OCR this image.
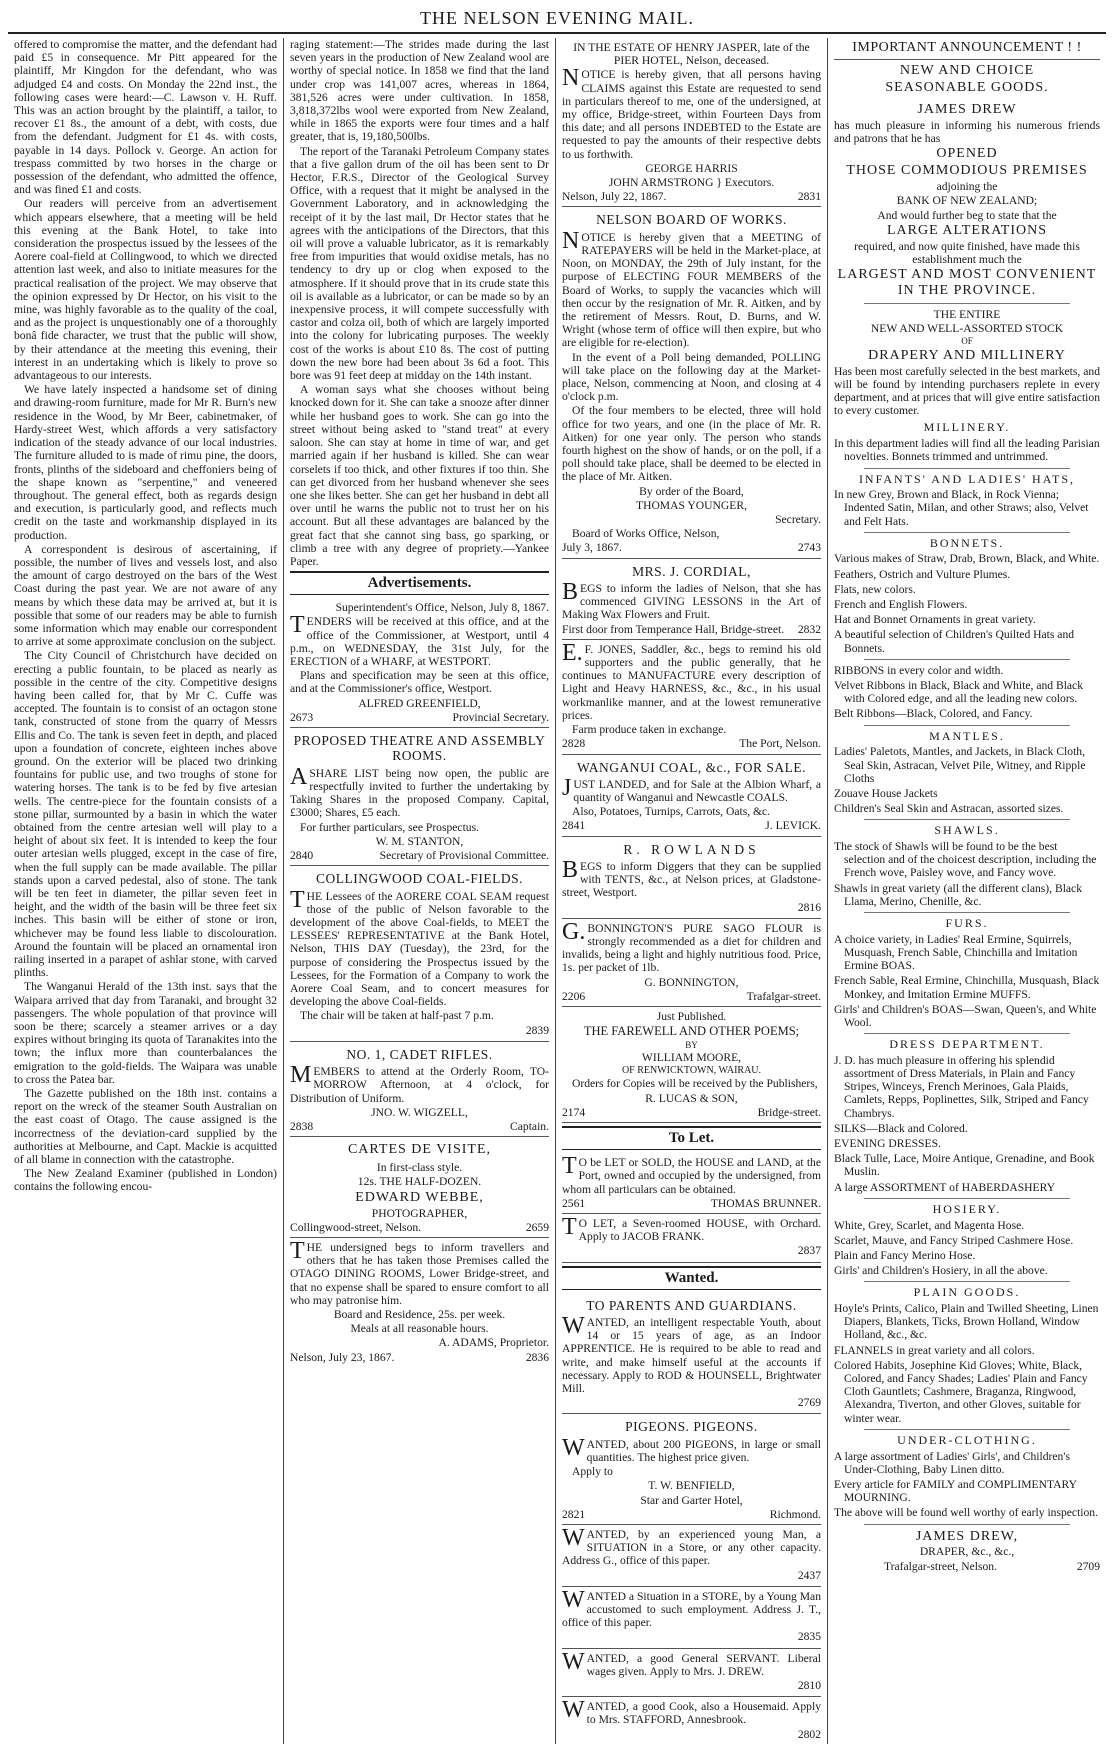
THE NELSON EVENING MAIL.

offered to compromise the matter, and the defendant had paid £5 in consequence. Mr Pitt appeared for the plaintiff, Mr Kingdon for the defendant, who was adjudged £4 and costs. On Monday the 22nd inst., the following cases were heard:—C. Lawson v. H. Ruff. This was an action brought by the plaintiff, a tailor, to recover £1 8s., the amount of a debt, with costs, due from the defendant. Judgment for £1 4s. with costs, payable in 14 days. Pollock v. George. An action for trespass committed by two horses in the charge or possession of the defendant, who admitted the offence, and was fined £1 and costs.

Our readers will perceive from an advertisement which appears elsewhere, that a meeting will be held this evening at the Bank Hotel, to take into consideration the prospectus issued by the lessees of the Aorere coal-field at Collingwood, to which we directed attention last week, and also to initiate measures for the practical realisation of the project. We may observe that the opinion expressed by Dr Hector, on his visit to the mine, was highly favorable as to the quality of the coal, and as the project is unquestionably one of a thoroughly bonâ fide character, we trust that the public will show, by their attendance at the meeting this evening, their interest in an undertaking which is likely to prove so advantageous to our interests.

We have lately inspected a handsome set of dining and drawing-room furniture, made for Mr R. Burn's new residence in the Wood, by Mr Beer, cabinetmaker, of Hardy-street West, which affords a very satisfactory indication of the steady advance of our local industries. The furniture alluded to is made of rimu pine, the doors, fronts, plinths of the sideboard and cheffoniers being of the shape known as "serpentine," and veneered throughout. The general effect, both as regards design and execution, is particularly good, and reflects much credit on the taste and workmanship displayed in its production.

A correspondent is desirous of ascertaining, if possible, the number of lives and vessels lost, and also the amount of cargo destroyed on the bars of the West Coast during the past year. We are not aware of any means by which these data may be arrived at, but it is possible that some of our readers may be able to furnish some information which may enable our correspondent to arrive at some approximate conclusion on the subject.

The City Council of Christchurch have decided on erecting a public fountain, to be placed as nearly as possible in the centre of the city. Competitive designs having been called for, that by Mr C. Cuffe was accepted. The fountain is to consist of an octagon stone tank, constructed of stone from the quarry of Messrs Ellis and Co. The tank is seven feet in depth, and placed upon a foundation of concrete, eighteen inches above ground. On the exterior will be placed two drinking fountains for public use, and two troughs of stone for watering horses. The tank is to be fed by five artesian wells. The centre-piece for the fountain consists of a stone pillar, surmounted by a basin in which the water obtained from the centre artesian well will play to a height of about six feet. It is intended to keep the four outer artesian wells plugged, except in the case of fire, when the full supply can be made available. The pillar stands upon a carved pedestal, also of stone. The tank will be ten feet in diameter, the pillar seven feet in height, and the width of the basin will be three feet six inches. This basin will be either of stone or iron, whichever may be found less liable to discolouration. Around the fountain will be placed an ornamental iron railing inserted in a parapet of ashlar stone, with carved plinths.

The Wanganui Herald of the 13th inst. says that the Waipara arrived that day from Taranaki, and brought 32 passengers. The whole population of that province will soon be there; scarcely a steamer arrives or a day expires without bringing its quota of Taranakites into the town; the influx more than counterbalances the emigration to the gold-fields. The Waipara was unable to cross the Patea bar.

The Gazette published on the 18th inst. contains a report on the wreck of the steamer South Australian on the east coast of Otago. The cause assigned is the incorrectness of the deviation-card supplied by the authorities at Melbourne, and Capt. Mackie is acquitted of all blame in connection with the catastrophe.

The New Zealand Examiner (published in London) contains the following encou-

raging statement:—The strides made during the last seven years in the production of New Zealand wool are worthy of special notice. In 1858 we find that the land under crop was 141,007 acres, whereas in 1864, 381,526 acres were under cultivation. In 1858, 3,818,372lbs wool were exported from New Zealand, while in 1865 the exports were four times and a half greater, that is, 19,180,500lbs.

The report of the Taranaki Petroleum Company states that a five gallon drum of the oil has been sent to Dr Hector, F.R.S., Director of the Geological Survey Office, with a request that it might be analysed in the Government Laboratory, and in acknowledging the receipt of it by the last mail, Dr Hector states that he agrees with the anticipations of the Directors, that this oil will prove a valuable lubricator, as it is remarkably free from impurities that would oxidise metals, has no tendency to dry up or clog when exposed to the atmosphere. If it should prove that in its crude state this oil is available as a lubricator, or can be made so by an inexpensive process, it will compete successfully with castor and colza oil, both of which are largely imported into the colony for lubricating purposes. The weekly cost of the works is about £10 8s. The cost of putting down the new bore had been about 3s 6d a foot. This bore was 91 feet deep at midday on the 14th instant.

A woman says what she chooses without being knocked down for it. She can take a snooze after dinner while her husband goes to work. She can go into the street without being asked to "stand treat" at every saloon. She can stay at home in time of war, and get married again if her husband is killed. She can wear corselets if too thick, and other fixtures if too thin. She can get divorced from her husband whenever she sees one she likes better. She can get her husband in debt all over until he warns the public not to trust her on his account. But all these advantages are balanced by the great fact that she cannot sing bass, go sparking, or climb a tree with any degree of propriety.—Yankee Paper.

Advertisements.

Superintendent's Office, Nelson, July 8, 1867.

TENDERS will be received at this office, and at the office of the Commissioner, at Westport, until 4 p.m., on WEDNESDAY, the 31st July, for the ERECTION of a WHARF, at WESTPORT.

Plans and specification may be seen at this office, and at the Commissioner's office, Westport.

ALFRED GREENFIELD,

2673	Provincial Secretary.
PROPOSED THEATRE AND ASSEMBLY ROOMS.

ASHARE LIST being now open, the public are respectfully invited to further the undertaking by Taking Shares in the proposed Company. Capital, £3000; Shares, £5 each.

For further particulars, see Prospectus.

W. M. STANTON,

2840	Secretary of Provisional Committee.
COLLINGWOOD COAL-FIELDS.

THE Lessees of the AORERE COAL SEAM request those of the public of Nelson favorable to the development of the above Coal-fields, to MEET the LESSEES' REPRESENTATIVE at the Bank Hotel, Nelson, THIS DAY (Tuesday), the 23rd, for the purpose of considering the Prospectus issued by the Lessees, for the Formation of a Company to work the Aorere Coal Seam, and to concert measures for developing the above Coal-fields.

The chair will be taken at half-past 7 p.m.

2839

NO. 1, CADET RIFLES.

MEMBERS to attend at the Orderly Room, TO-MORROW Afternoon, at 4 o'clock, for Distribution of Uniform.

JNO. W. WIGZELL,

2838	Captain.
CARTES DE VISITE,

In first-class style.

12s. THE HALF-DOZEN.

EDWARD WEBBE,

PHOTOGRAPHER,

Collingwood-street, Nelson.	2659

THE undersigned begs to inform travellers and others that he has taken those Premises called the OTAGO DINING ROOMS, Lower Bridge-street, and that no expense shall be spared to ensure comfort to all who may patronise him.

Board and Residence, 25s. per week.

Meals at all reasonable hours.

A. ADAMS, Proprietor.

Nelson, July 23, 1867.	2836

IN THE ESTATE OF HENRY JASPER, late of the PIER HOTEL, Nelson, deceased.

NOTICE is hereby given, that all persons having CLAIMS against this Estate are requested to send in particulars thereof to me, one of the undersigned, at my office, Bridge-street, within Fourteen Days from this date; and all persons INDEBTED to the Estate are requested to pay the amounts of their respective debts to us forthwith.

GEORGE HARRIS

JOHN ARMSTRONG } Executors.

Nelson, July 22, 1867.	2831
NELSON BOARD OF WORKS.

NOTICE is hereby given that a MEETING of RATEPAYERS will be held in the Market-place, at Noon, on MONDAY, the 29th of July instant, for the purpose of ELECTING FOUR MEMBERS of the Board of Works, to supply the vacancies which will then occur by the resignation of Mr. R. Aitken, and by the retirement of Messrs. Rout, D. Burns, and W. Wright (whose term of office will then expire, but who are eligible for re-election).

In the event of a Poll being demanded, POLLING will take place on the following day at the Market-place, Nelson, commencing at Noon, and closing at 4 o'clock p.m.

Of the four members to be elected, three will hold office for two years, and one (in the place of Mr. R. Aitken) for one year only. The person who stands fourth highest on the show of hands, or on the poll, if a poll should take place, shall be deemed to be elected in the place of Mr. Aitken.

By order of the Board,

THOMAS YOUNGER,

Secretary.

Board of Works Office, Nelson,

July 3, 1867.	2743
MRS. J. CORDIAL,

BEGS to inform the ladies of Nelson, that she has commenced GIVING LESSONS in the Art of Making Wax Flowers and Fruit.

First door from Temperance Hall, Bridge-street. 2832

E.F. JONES, Saddler, &c., begs to remind his old supporters and the public generally, that he continues to MANUFACTURE every description of Light and Heavy HARNESS, &c., &c., in his usual workmanlike manner, and at the lowest remunerative prices.

Farm produce taken in exchange.

2828	The Port, Nelson.
WANGANUI COAL, &c., FOR SALE.

JUST LANDED, and for Sale at the Albion Wharf, a quantity of Wanganui and Newcastle COALS.

Also, Potatoes, Turnips, Carrots, Oats, &c.

2841	J. LEVICK.
R. ROWLANDS

BEGS to inform Diggers that they can be supplied with TENTS, &c., at Nelson prices, at Gladstone-street, Westport.

2816

G.BONNINGTON'S PURE SAGO FLOUR is strongly recommended as a diet for children and invalids, being a light and highly nutritious food. Price, 1s. per packet of 1lb.

G. BONNINGTON,

2206	Trafalgar-street.

Just Published.

THE FAREWELL AND OTHER POEMS;

BY

WILLIAM MOORE,

OF RENWICKTOWN, WAIRAU.

Orders for Copies will be received by the Publishers,

R. LUCAS & SON,

2174	Bridge-street.
To Let.

TO be LET or SOLD, the HOUSE and LAND, at the Port, owned and occupied by the undersigned, from whom all particulars can be obtained.

2561	THOMAS BRUNNER.

TO LET, a Seven-roomed HOUSE, with Orchard. Apply to JACOB FRANK.

2837

Wanted.
TO PARENTS AND GUARDIANS.

WANTED, an intelligent respectable Youth, about 14 or 15 years of age, as an Indoor APPRENTICE. He is required to be able to read and write, and make himself useful at the accounts if necessary. Apply to ROD & HOUNSELL, Brightwater Mill.

2769

PIGEONS. PIGEONS.

WANTED, about 200 PIGEONS, in large or small quantities. The highest price given.

Apply to

T. W. BENFIELD,

Star and Garter Hotel,

2821	Richmond.

WANTED, by an experienced young Man, a SITUATION in a Store, or any other capacity. Address G., office of this paper.

2437

WANTED a Situation in a STORE, by a Young Man accustomed to such employment. Address J. T., office of this paper.

2835

WANTED, a good General SERVANT. Liberal wages given. Apply to Mrs. J. DREW.

2810

WANTED, a good Cook, also a Housemaid. Apply to Mrs. STAFFORD, Annesbrook.

2802

IMPORTANT ANNOUNCEMENT ! !

NEW AND CHOICE

SEASONABLE GOODS.

JAMES DREW

has much pleasure in informing his numerous friends and patrons that he has

OPENED

THOSE COMMODIOUS PREMISES

adjoining the

BANK OF NEW ZEALAND;

And would further beg to state that the

LARGE ALTERATIONS

required, and now quite finished, have made this establishment much the

LARGEST AND MOST CONVENIENT IN THE PROVINCE.

THE ENTIRE

NEW AND WELL-ASSORTED STOCK

OF

DRAPERY AND MILLINERY

Has been most carefully selected in the best markets, and will be found by intending purchasers replete in every department, and at prices that will give entire satisfaction to every customer.

MILLINERY.

In this department ladies will find all the leading Parisian novelties. Bonnets trimmed and untrimmed.

INFANTS' AND LADIES' HATS,

In new Grey, Brown and Black, in Rock Vienna; Indented Satin, Milan, and other Straws; also, Velvet and Felt Hats.

BONNETS.

Various makes of Straw, Drab, Brown, Black, and White.

Feathers, Ostrich and Vulture Plumes.

Flats, new colors.

French and English Flowers.

Hat and Bonnet Ornaments in great variety.

A beautiful selection of Children's Quilted Hats and Bonnets.

RIBBONS in every color and width.

Velvet Ribbons in Black, Black and White, and Black with Colored edge, and all the leading new colors.

Belt Ribbons—Black, Colored, and Fancy.

MANTLES.

Ladies' Paletots, Mantles, and Jackets, in Black Cloth, Seal Skin, Astracan, Velvet Pile, Witney, and Ripple Cloths

Zouave House Jackets

Children's Seal Skin and Astracan, assorted sizes.

SHAWLS.

The stock of Shawls will be found to be the best selection and of the choicest description, including the French wove, Paisley wove, and Fancy wove.

Shawls in great variety (all the different clans), Black Llama, Merino, Chenille, &c.

FURS.

A choice variety, in Ladies' Real Ermine, Squirrels, Musquash, French Sable, Chinchilla and Imitation Ermine BOAS.

French Sable, Real Ermine, Chinchilla, Musquash, Black Monkey, and Imitation Ermine MUFFS.

Girls' and Children's BOAS—Swan, Queen's, and White Wool.

DRESS DEPARTMENT.

J. D. has much pleasure in offering his splendid assortment of Dress Materials, in Plain and Fancy Stripes, Winceys, French Merinoes, Gala Plaids, Camlets, Repps, Poplinettes, Silk, Striped and Fancy Chambrys.

SILKS—Black and Colored.

EVENING DRESSES.

Black Tulle, Lace, Moire Antique, Grenadine, and Book Muslin.

A large ASSORTMENT of HABERDASHERY

HOSIERY.

White, Grey, Scarlet, and Magenta Hose.

Scarlet, Mauve, and Fancy Striped Cashmere Hose.

Plain and Fancy Merino Hose.

Girls' and Children's Hosiery, in all the above.

PLAIN GOODS.

Hoyle's Prints, Calico, Plain and Twilled Sheeting, Linen Diapers, Blankets, Ticks, Brown Holland, Window Holland, &c., &c.

FLANNELS in great variety and all colors.

Colored Habits, Josephine Kid Gloves; White, Black, Colored, and Fancy Shades; Ladies' Plain and Fancy Cloth Gauntlets; Cashmere, Braganza, Ringwood, Alexandra, Tiverton, and other Gloves, suitable for winter wear.

UNDER-CLOTHING.

A large assortment of Ladies' Girls', and Children's Under-Clothing, Baby Linen ditto.

Every article for FAMILY and COMPLIMENTARY MOURNING.

The above will be found well worthy of early inspection.

JAMES DREW,

DRAPER, &c., &c.,

Trafalgar-street, Nelson.	2709
